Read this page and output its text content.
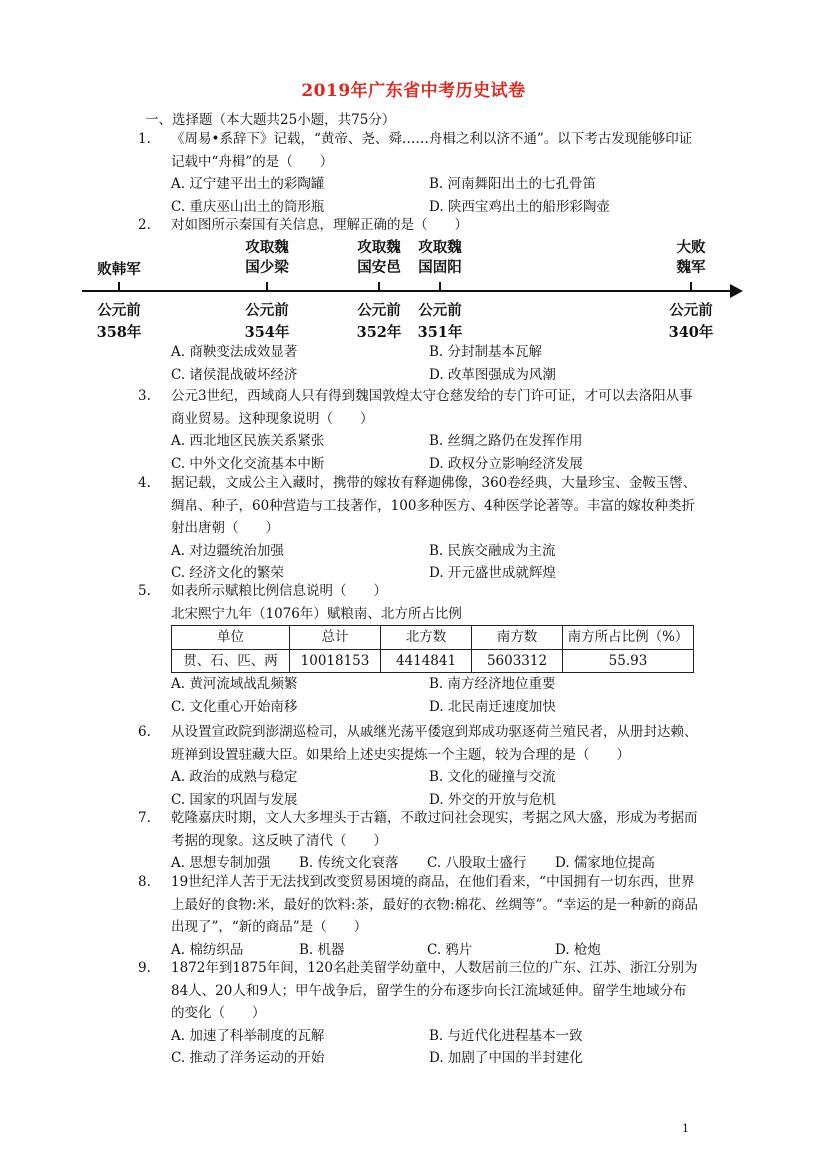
2019年广东省中考历史试卷
一、选择题（本大题共25小题，共75分）
1.	《周易•系辞下》记载，“黄帝、尧、舜……舟楫之利以济不通”。以下考古发现能够印证记载中“舟楫”的是（　　）
A. 辽宁建平出土的彩陶罐	B. 河南舞阳出土的七孔骨笛
C. 重庆巫山出土的筒形瓶	D. 陕西宝鸡出土的船形彩陶壶
2.	对如图所示秦国有关信息，理解正确的是（　　）
败韩军
攻取魏
国少梁
攻取魏
国安邑
攻取魏
国固阳
大败
魏军
公元前
358年
公元前
354年
公元前
352年
公元前
351年
公元前
340年
A. 商鞅变法成效显著	B. 分封制基本瓦解
C. 诸侯混战破坏经济	D. 改革图强成为风潮
3.	公元3世纪，西域商人只有得到魏国敦煌太守仓慈发给的专门许可证，才可以去洛阳从事商业贸易。这种现象说明（　　）
A. 西北地区民族关系紧张	B. 丝绸之路仍在发挥作用
C. 中外文化交流基本中断	D. 政权分立影响经济发展
4.	据记载，文成公主入藏时，携带的嫁妆有释迦佛像，360卷经典，大量珍宝、金鞍玉辔、绸帛、种子，60种营造与工技著作，100多种医方、4种医学论著等。丰富的嫁妆种类折射出唐朝（　　）
A. 对边疆统治加强	B. 民族交融成为主流
C. 经济文化的繁荣	D. 开元盛世成就辉煌
5.	如表所示赋粮比例信息说明（　　）
北宋熙宁九年（1076年）赋粮南、北方所占比例
单位	总计	北方数	南方数	南方所占比例（%）
贯、石、匹、两	10018153	4414841	5603312	55.93
A. 黄河流域战乱频繁	B. 南方经济地位重要
C. 文化重心开始南移	D. 北民南迁速度加快
6.	从设置宣政院到澎湖巡检司，从戚继光荡平倭寇到郑成功驱逐荷兰殖民者，从册封达赖、班禅到设置驻藏大臣。如果给上述史实提炼一个主题，较为合理的是（　　）
A. 政治的成熟与稳定	B. 文化的碰撞与交流
C. 国家的巩固与发展	D. 外交的开放与危机
7.	乾隆嘉庆时期，文人大多埋头于古籍，不敢过问社会现实，考据之风大盛，形成为考据而考据的现象。这反映了清代（　　）
A. 思想专制加强 B. 传统文化衰落 C. 八股取士盛行 D. 儒家地位提高
8.	19世纪洋人苦于无法找到改变贸易困境的商品，在他们看来，“中国拥有一切东西，世界上最好的食物:米，最好的饮料:茶，最好的衣物:棉花、丝绸等”。“幸运的是一种新的商品出现了”，“新的商品”是（　　）
A. 棉纺织品	B. 机器	C. 鸦片	D. 枪炮
9.	1872年到1875年间，120名赴美留学幼童中，人数居前三位的广东、江苏、浙江分别为84人、20人和9人；甲午战争后，留学生的分布逐步向长江流域延伸。留学生地域分布的变化（　　）
A. 加速了科举制度的瓦解	B. 与近代化进程基本一致
C. 推动了洋务运动的开始	D. 加剧了中国的半封建化
1
